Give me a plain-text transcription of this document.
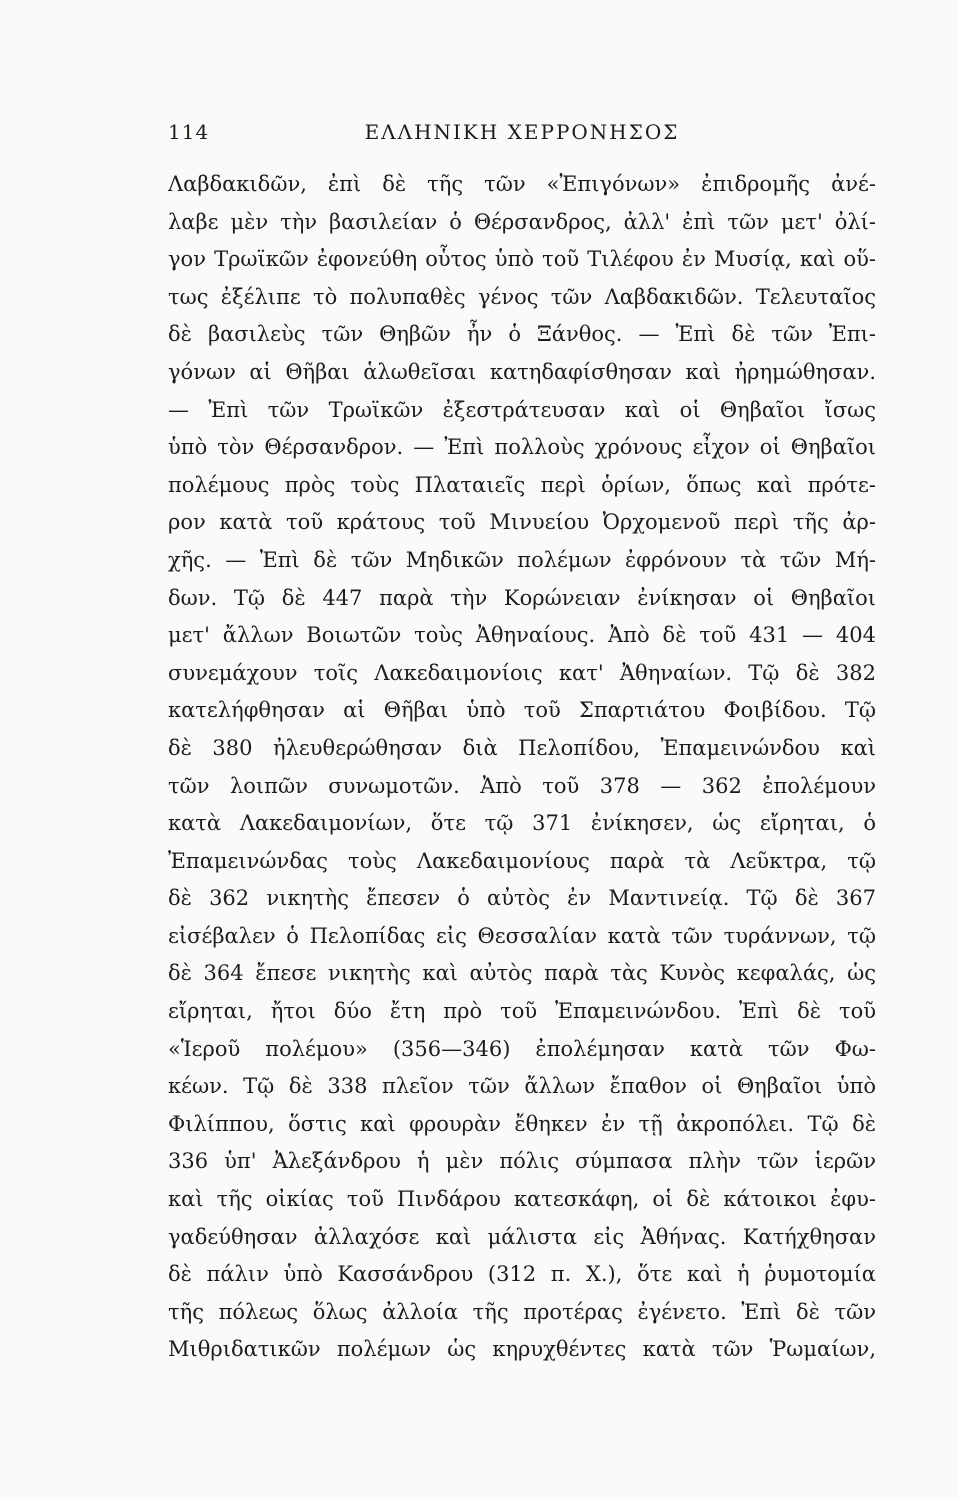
114	ΕΛΛΗΝΙΚΗ ΧΕΡΡΟΝΗΣΟΣ
Λαβδακιδῶν, ἐπὶ δὲ τῆς τῶν «Ἐπιγόνων» ἐπιδρομῆς ἀνέ-
λαβε μὲν τὴν βασιλείαν ὁ Θέρσανδρος, ἀλλ' ἐπὶ τῶν μετ' ὀλί-
γον Τρωϊκῶν ἐφονεύθη οὗτος ὑπὸ τοῦ Τιλέφου ἐν Μυσίᾳ, καὶ οὕ-
τως ἐξέλιπε τὸ πολυπαθὲς γένος τῶν Λαβδακιδῶν. Τελευταῖος
δὲ βασιλεὺς τῶν Θηβῶν ἦν ὁ Ξάνθος. — Ἐπὶ δὲ τῶν Ἐπι-
γόνων αἱ Θῆβαι ἁλωθεῖσαι κατηδαφίσθησαν καὶ ἠρημώθησαν.
— Ἐπὶ τῶν Τρωϊκῶν ἐξεστράτευσαν καὶ οἱ Θηβαῖοι ἴσως
ὑπὸ τὸν Θέρσανδρον. — Ἐπὶ πολλοὺς χρόνους εἶχον οἱ Θηβαῖοι
πολέμους πρὸς τοὺς Πλαταιεῖς περὶ ὁρίων, ὅπως καὶ πρότε-
ρον κατὰ τοῦ κράτους τοῦ Μινυείου Ὀρχομενοῦ περὶ τῆς ἀρ-
χῆς. — Ἐπὶ δὲ τῶν Μηδικῶν πολέμων ἐφρόνουν τὰ τῶν Μή-
δων. Τῷ δὲ 447 παρὰ τὴν Κορώνειαν ἐνίκησαν οἱ Θηβαῖοι
μετ' ἄλλων Βοιωτῶν τοὺς Ἀθηναίους. Ἀπὸ δὲ τοῦ 431 — 404
συνεμάχουν τοῖς Λακεδαιμονίοις κατ' Ἀθηναίων. Τῷ δὲ 382
κατελήφθησαν αἱ Θῆβαι ὑπὸ τοῦ Σπαρτιάτου Φοιβίδου. Τῷ
δὲ 380 ἠλευθερώθησαν διὰ Πελοπίδου, Ἐπαμεινώνδου καὶ
τῶν λοιπῶν συνωμοτῶν. Ἀπὸ τοῦ 378 — 362 ἐπολέμουν
κατὰ Λακεδαιμονίων, ὅτε τῷ 371 ἐνίκησεν, ὡς εἴρηται, ὁ
Ἐπαμεινώνδας τοὺς Λακεδαιμονίους παρὰ τὰ Λεῦκτρα, τῷ
δὲ 362 νικητὴς ἔπεσεν ὁ αὐτὸς ἐν Μαντινείᾳ. Τῷ δὲ 367
εἰσέβαλεν ὁ Πελοπίδας εἰς Θεσσαλίαν κατὰ τῶν τυράννων, τῷ
δὲ 364 ἔπεσε νικητὴς καὶ αὐτὸς παρὰ τὰς Κυνὸς κεφαλάς, ὡς
εἴρηται, ἤτοι δύο ἔτη πρὸ τοῦ Ἐπαμεινώνδου. Ἐπὶ δὲ τοῦ
«Ἱεροῦ πολέμου» (356—346) ἐπολέμησαν κατὰ τῶν Φω-
κέων. Τῷ δὲ 338 πλεῖον τῶν ἄλλων ἔπαθον οἱ Θηβαῖοι ὑπὸ
Φιλίππου, ὅστις καὶ φρουρὰν ἔθηκεν ἐν τῇ ἀκροπόλει. Τῷ δὲ
336 ὑπ' Ἀλεξάνδρου ἡ μὲν πόλις σύμπασα πλὴν τῶν ἱερῶν
καὶ τῆς οἰκίας τοῦ Πινδάρου κατεσκάφη, οἱ δὲ κάτοικοι ἐφυ-
γαδεύθησαν ἀλλαχόσε καὶ μάλιστα εἰς Ἀθήνας. Κατήχθησαν
δὲ πάλιν ὑπὸ Κασσάνδρου (312 π. Χ.), ὅτε καὶ ἡ ῥυμοτομία
τῆς πόλεως ὅλως ἀλλοία τῆς προτέρας ἐγένετο. Ἐπὶ δὲ τῶν
Μιθριδατικῶν πολέμων ὡς κηρυχθέντες κατὰ τῶν Ῥωμαίων,
